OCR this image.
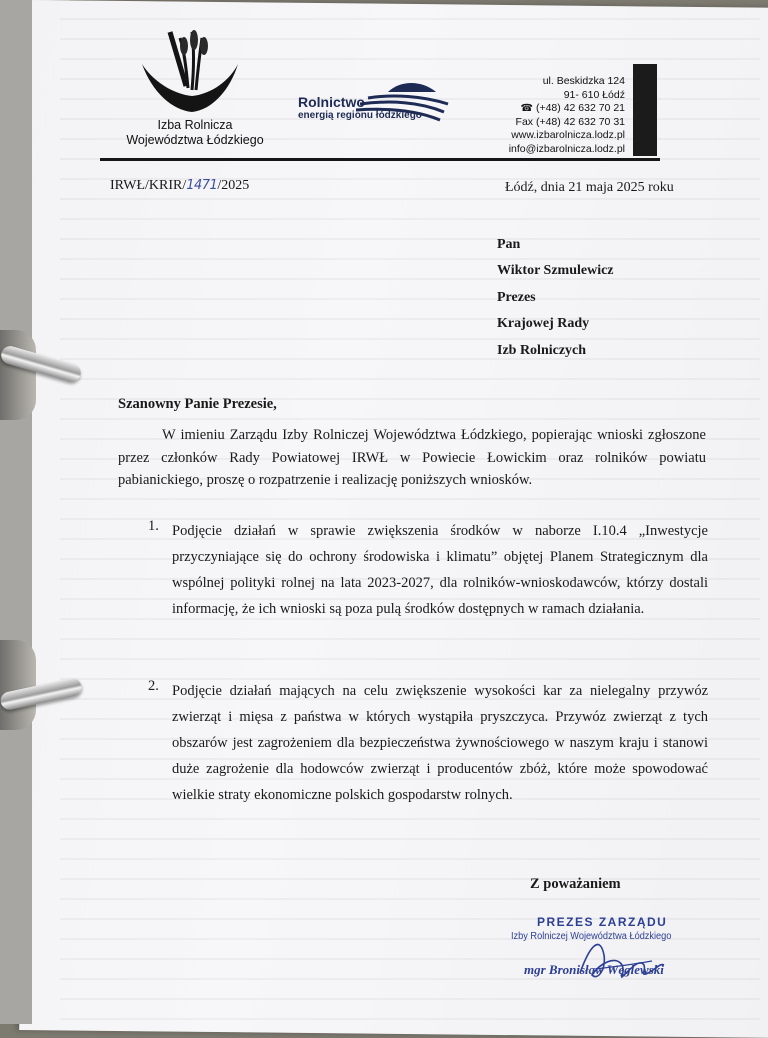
Izba Rolnicza
Województwa Łódzkiego
Rolnictwo
energią regionu łódzkiego
ul. Beskidzka 124
91- 610 Łódź
☎ (+48) 42 632 70 21
Fax (+48) 42 632 70 31
www.izbarolnicza.lodz.pl
info@izbarolnicza.lodz.pl
IRWŁ/KRIR/1471/2025	Łódź, dnia 21 maja 2025 roku
Pan
Wiktor Szmulewicz
Prezes
Krajowej Rady
Izb Rolniczych
Szanowny Panie Prezesie,
W imieniu Zarządu Izby Rolniczej Województwa Łódzkiego, popierając wnioski zgłoszone przez członków Rady Powiatowej IRWŁ w Powiecie Łowickim oraz rolników powiatu pabianickiego, proszę o rozpatrzenie i realizację poniższych wniosków.
1. Podjęcie działań w sprawie zwiększenia środków w naborze I.10.4 „Inwestycje przyczyniające się do ochrony środowiska i klimatu” objętej Planem Strategicznym dla wspólnej polityki rolnej na lata 2023-2027, dla rolników-wnioskodawców, którzy dostali informację, że ich wnioski są poza pulą środków dostępnych w ramach działania.
2. Podjęcie działań mających na celu zwiększenie wysokości kar za nielegalny przywóz zwierząt i mięsa z państwa w których wystąpiła pryszczyca. Przywóz zwierząt z tych obszarów jest zagrożeniem dla bezpieczeństwa żywnościowego w naszym kraju i stanowi duże zagrożenie dla hodowców zwierząt i producentów zbóż, które może spowodować wielkie straty ekonomiczne polskich gospodarstw rolnych.
Z poważaniem
PREZES ZARZĄDU
Izby Rolniczej Województwa Łódzkiego
mgr Bronisław Węglewski
